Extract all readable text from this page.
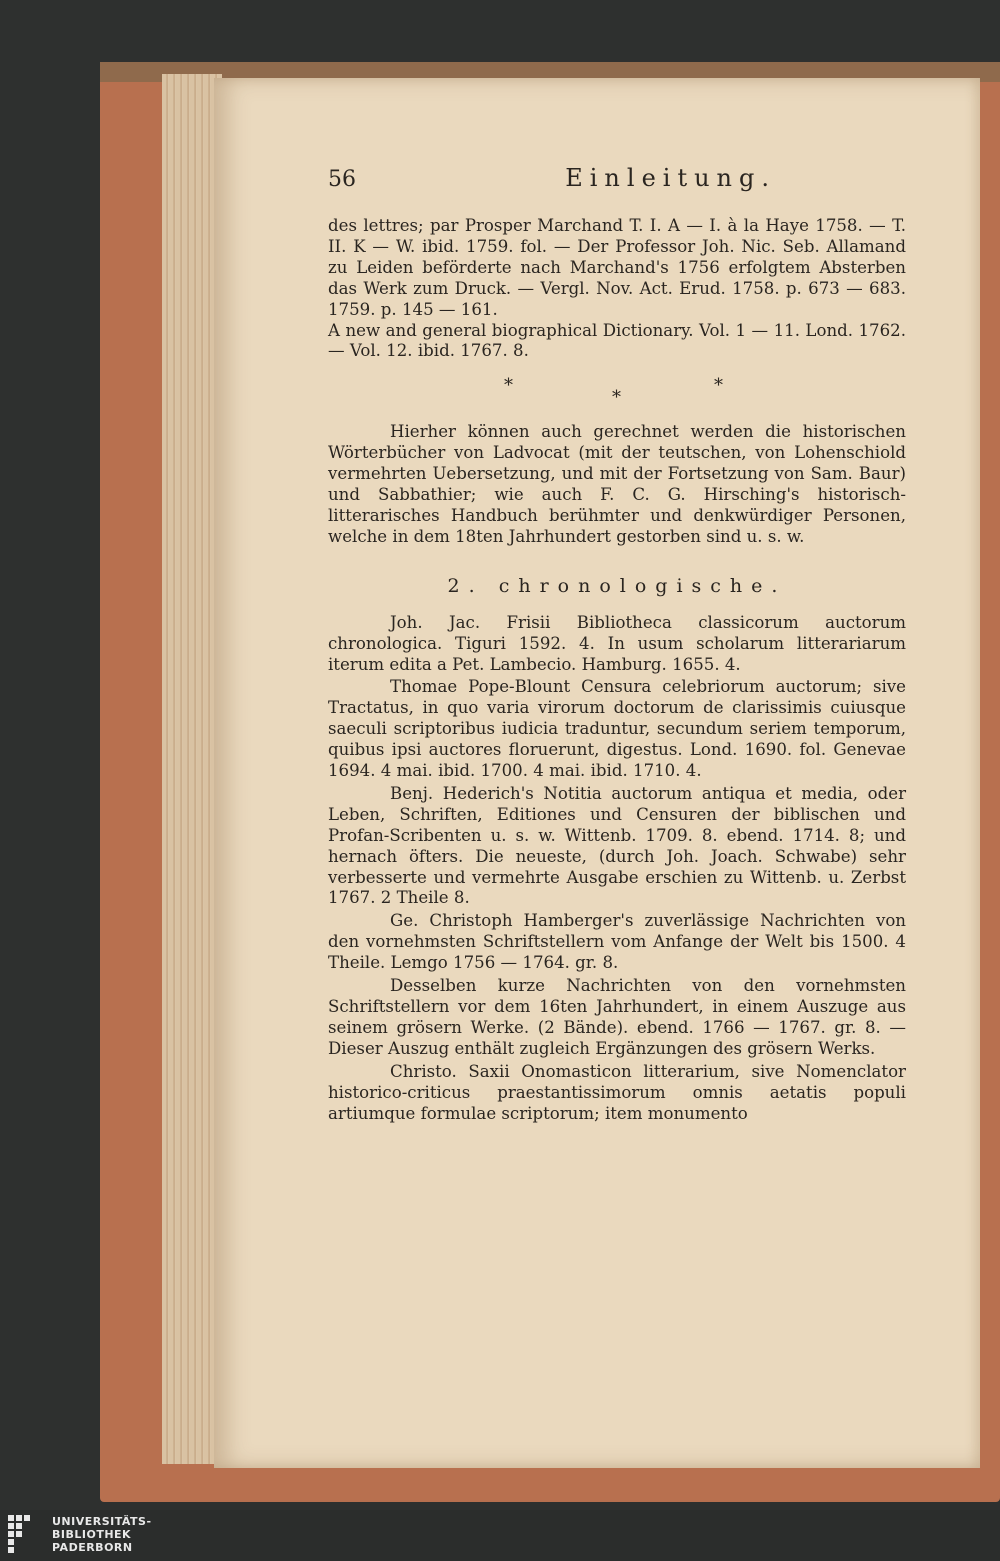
56	Einleitung.

des lettres; par Prosper Marchand T. I. A — I. à la Haye 1758. — T. II. K — W. ibid. 1759. fol. — Der Professor Joh. Nic. Seb. Allamand zu Leiden beförderte nach Marchand's 1756 erfolgtem Absterben das Werk zum Druck. — Vergl. Nov. Act. Erud. 1758. p. 673 — 683. 1759. p. 145 — 161.

A new and general biographical Dictionary. Vol. 1 — 11. Lond. 1762. — Vol. 12. ibid. 1767. 8.

*
*
*

Hierher können auch gerechnet werden die historischen Wörterbücher von Ladvocat (mit der teutschen, von Lohenschiold vermehrten Uebersetzung, und mit der Fortsetzung von Sam. Baur) und Sabbathier; wie auch F. C. G. Hirsching's historisch-litterarisches Handbuch berühmter und denkwürdiger Personen, welche in dem 18ten Jahrhundert gestorben sind u. s. w.

2. chronologische.

Joh. Jac. Frisii Bibliotheca classicorum auctorum chronologica. Tiguri 1592. 4. In usum scholarum litterariarum iterum edita a Pet. Lambecio. Hamburg. 1655. 4.

Thomae Pope-Blount Censura celebriorum auctorum; sive Tractatus, in quo varia virorum doctorum de clarissimis cuiusque saeculi scriptoribus iudicia traduntur, secundum seriem temporum, quibus ipsi auctores floruerunt, digestus. Lond. 1690. fol. Genevae 1694. 4 mai. ibid. 1700. 4 mai. ibid. 1710. 4.

Benj. Hederich's Notitia auctorum antiqua et media, oder Leben, Schriften, Editiones und Censuren der biblischen und Profan-Scribenten u. s. w. Wittenb. 1709. 8. ebend. 1714. 8; und hernach öfters. Die neueste, (durch Joh. Joach. Schwabe) sehr verbesserte und vermehrte Ausgabe erschien zu Wittenb. u. Zerbst 1767. 2 Theile 8.

Ge. Christoph Hamberger's zuverlässige Nachrichten von den vornehmsten Schriftstellern vom Anfange der Welt bis 1500. 4 Theile. Lemgo 1756 — 1764. gr. 8.

Desselben kurze Nachrichten von den vornehmsten Schriftstellern vor dem 16ten Jahrhundert, in einem Auszuge aus seinem grösern Werke. (2 Bände). ebend. 1766 — 1767. gr. 8. — Dieser Auszug enthält zugleich Ergänzungen des grösern Werks.

Christo. Saxii Onomasticon litterarium, sive Nomenclator historico-criticus praestantissimorum omnis aetatis populi artiumque formulae scriptorum; item monumento

UNIVERSITÄTS-
BIBLIOTHEK
PADERBORN
